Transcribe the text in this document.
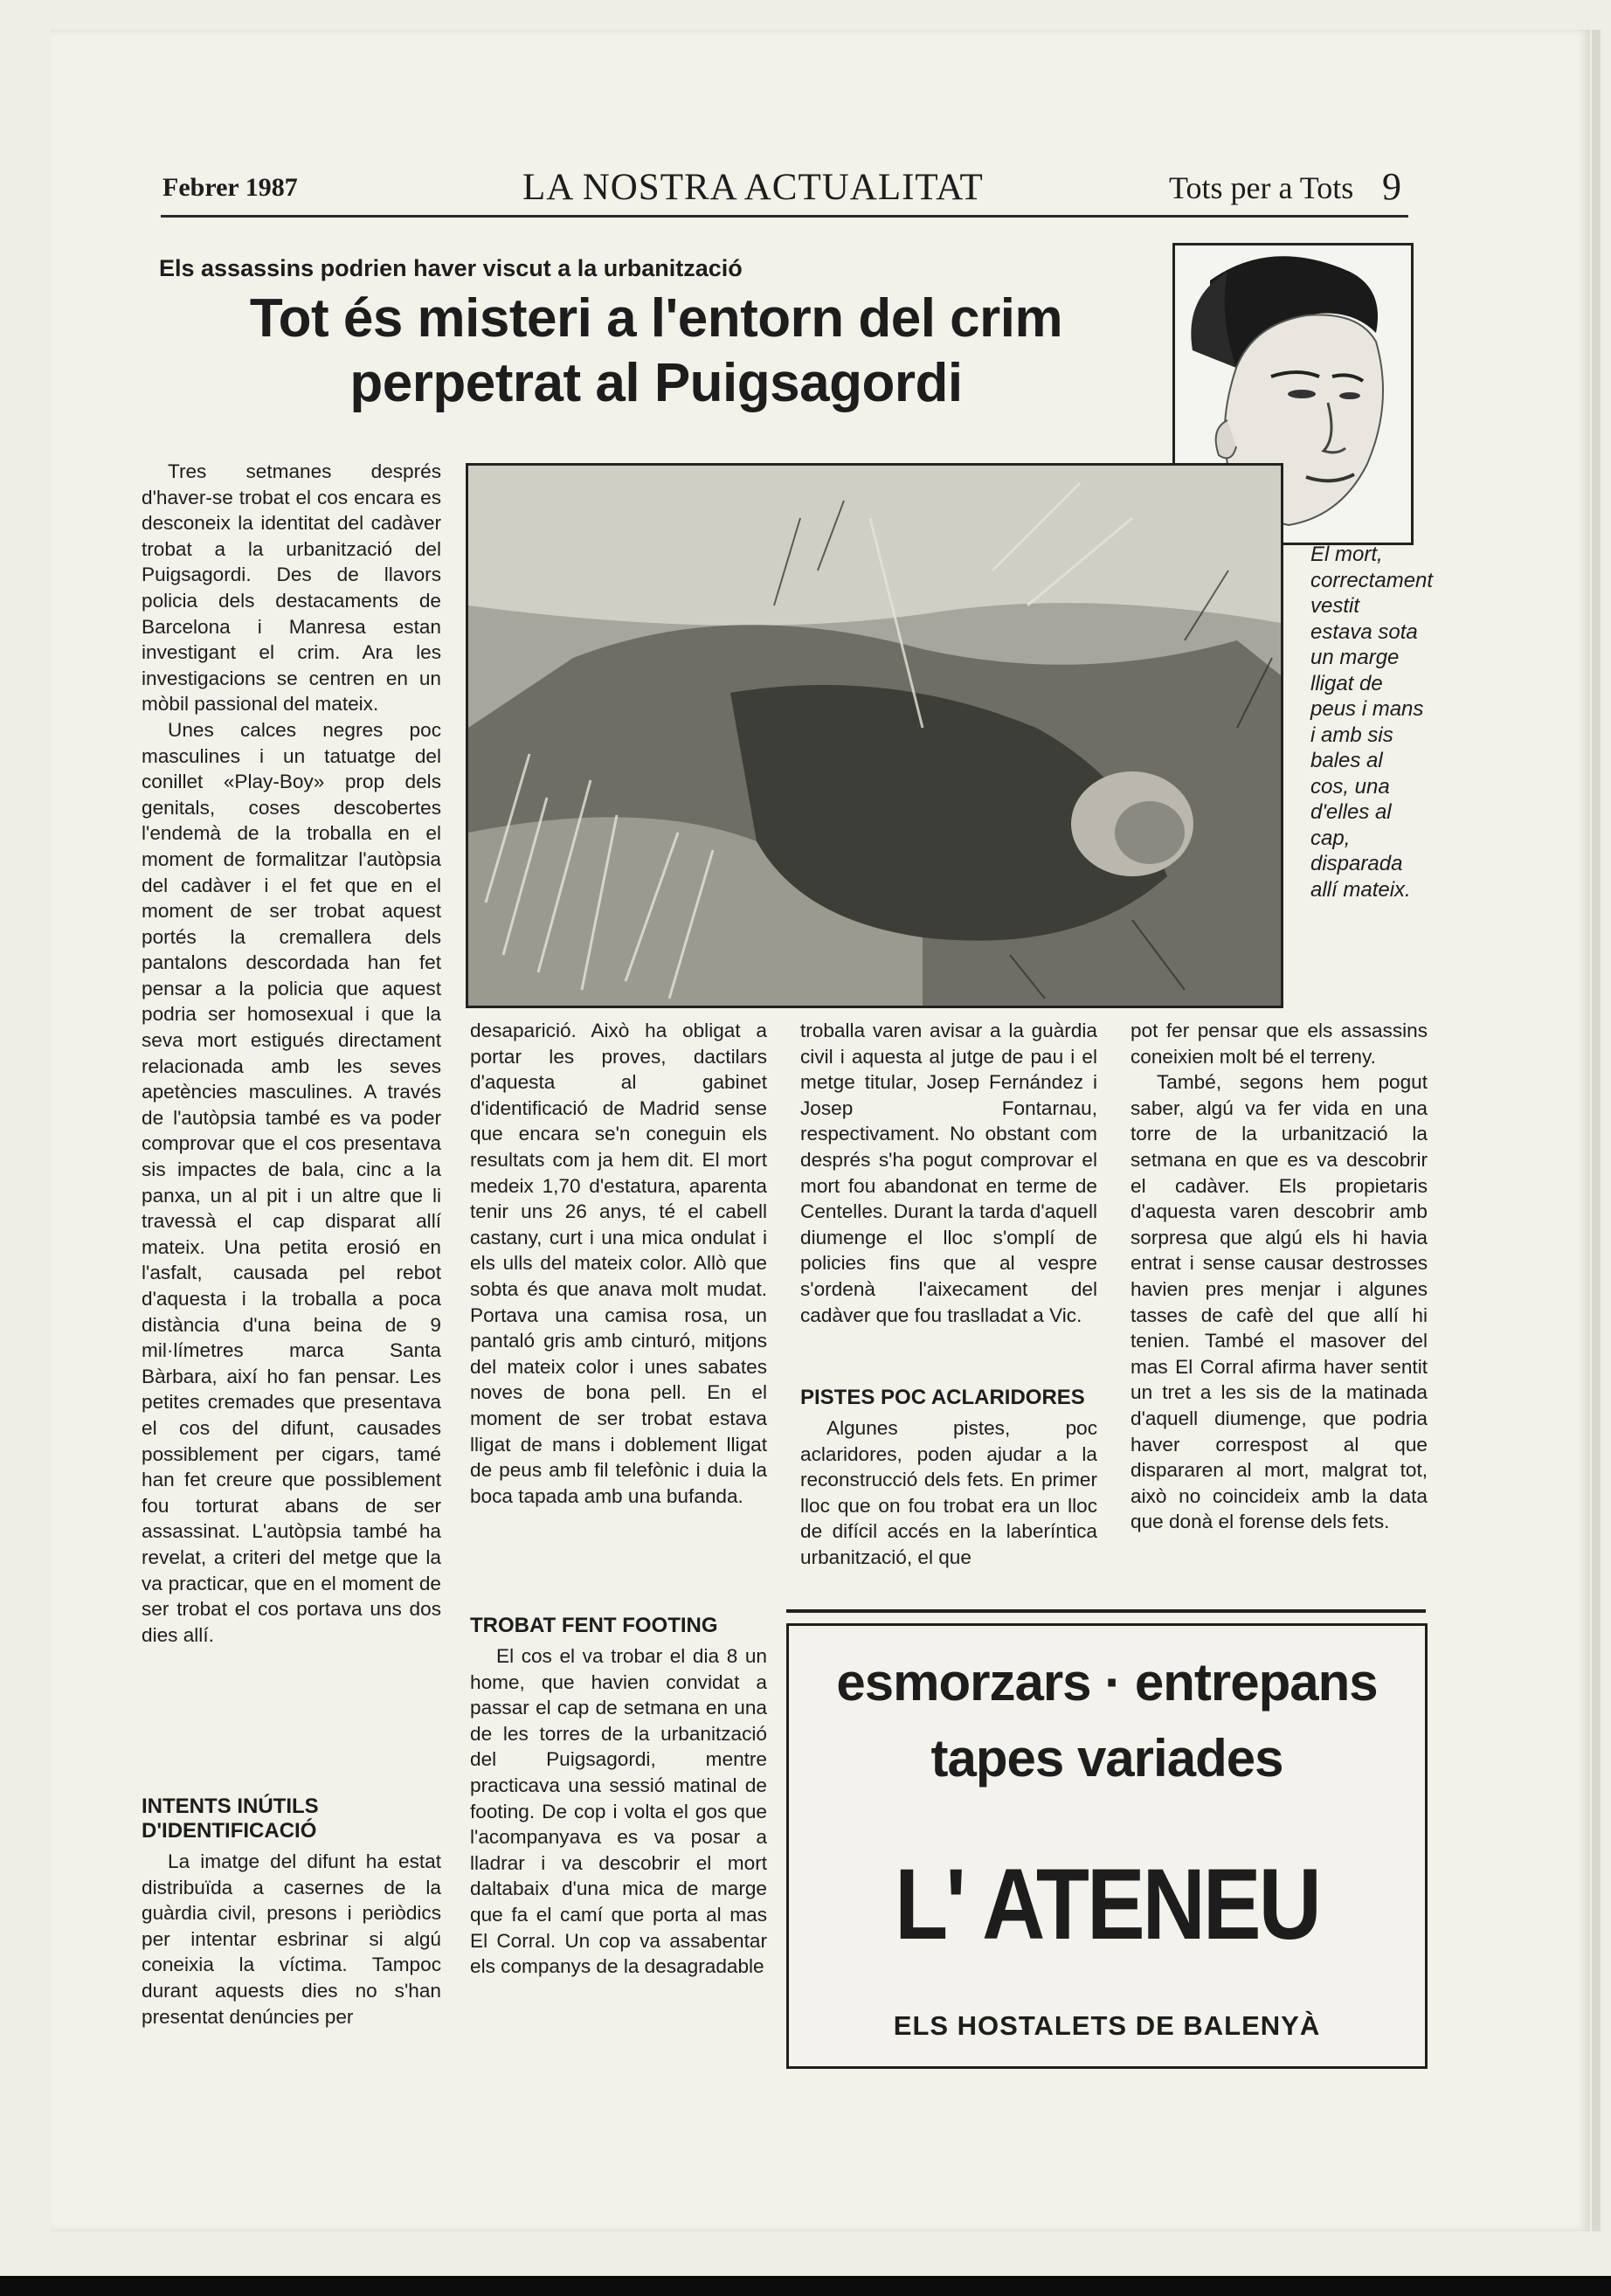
Febrer 1987	LA NOSTRA ACTUALITAT	Tots per a Tots 9
Els assassins podrien haver viscut a la urbanització
Tot és misteri a l'entorn del crim
perpetrat al Puigsagordi
El mort, correctament vestit estava sota un marge lligat de peus i mans i amb sis bales al cos, una d'elles al cap, disparada allí mateix.

Tres setmanes després d'haver-se trobat el cos encara es desconeix la identitat del cadàver trobat a la urbanització del Puigsagordi. Des de llavors policia dels destacaments de Barcelona i Manresa estan investigant el crim. Ara les investigacions se centren en un mòbil passional del mateix.

Unes calces negres poc masculines i un tatuatge del conillet «Play-Boy» prop dels genitals, coses descobertes l'endemà de la troballa en el moment de formalitzar l'autòpsia del cadàver i el fet que en el moment de ser trobat aquest portés la cremallera dels pantalons descordada han fet pensar a la policia que aquest podria ser homosexual i que la seva mort estigués directament relacionada amb les seves apetències masculines. A través de l'autòpsia també es va poder comprovar que el cos presentava sis impactes de bala, cinc a la panxa, un al pit i un altre que li travessà el cap disparat allí mateix. Una petita erosió en l'asfalt, causada pel rebot d'aquesta i la troballa a poca distància d'una beina de 9 mil·límetres marca Santa Bàrbara, així ho fan pensar. Les petites cremades que presentava el cos del difunt, causades possiblement per cigars, tamé han fet creure que possiblement fou torturat abans de ser assassinat. L'autòpsia també ha revelat, a criteri del metge que la va practicar, que en el moment de ser trobat el cos portava uns dos dies allí.

INTENTS INÚTILS D'IDENTIFICACIÓ

La imatge del difunt ha estat distribuïda a casernes de la guàrdia civil, presons i periòdics per intentar esbrinar si algú coneixia la víctima. Tampoc durant aquests dies no s'han presentat denúncies per

desaparició. Això ha obligat a portar les proves, dactilars d'aquesta al gabinet d'identificació de Madrid sense que encara se'n coneguin els resultats com ja hem dit. El mort medeix 1,70 d'estatura, aparenta tenir uns 26 anys, té el cabell castany, curt i una mica ondulat i els ulls del mateix color. Allò que sobta és que anava molt mudat. Portava una camisa rosa, un pantaló gris amb cinturó, mitjons del mateix color i unes sabates noves de bona pell. En el moment de ser trobat estava lligat de mans i doblement lligat de peus amb fil telefònic i duia la boca tapada amb una bufanda.

TROBAT FENT FOOTING

El cos el va trobar el dia 8 un home, que havien convidat a passar el cap de setmana en una de les torres de la urbanització del Puigsagordi, mentre practicava una sessió matinal de footing. De cop i volta el gos que l'acompanyava es va posar a lladrar i va descobrir el mort daltabaix d'una mica de marge que fa el camí que porta al mas El Corral. Un cop va assabentar els companys de la desagradable

troballa varen avisar a la guàrdia civil i aquesta al jutge de pau i el metge titular, Josep Fernández i Josep Fontarnau, respectivament. No obstant com després s'ha pogut comprovar el mort fou abandonat en terme de Centelles. Durant la tarda d'aquell diumenge el lloc s'omplí de policies fins que al vespre s'ordenà l'aixecament del cadàver que fou traslladat a Vic.

PISTES POC ACLARIDORES

Algunes pistes, poc aclaridores, poden ajudar a la reconstrucció dels fets. En primer lloc que on fou trobat era un lloc de difícil accés en la laberíntica urbanització, el que

pot fer pensar que els assassins coneixien molt bé el terreny.

També, segons hem pogut saber, algú va fer vida en una torre de la urbanització la setmana en que es va descobrir el cadàver. Els propietaris d'aquesta varen descobrir amb sorpresa que algú els hi havia entrat i sense causar destrosses havien pres menjar i algunes tasses de cafè del que allí hi tenien. També el masover del mas El Corral afirma haver sentit un tret a les sis de la matinada d'aquell diumenge, que podria haver correspost al que dispararen al mort, malgrat tot, això no coincideix amb la data que donà el forense dels fets.

esmorzars · entrepans
tapes variades
L' ATENEU
ELS HOSTALETS DE BALENYÀ
